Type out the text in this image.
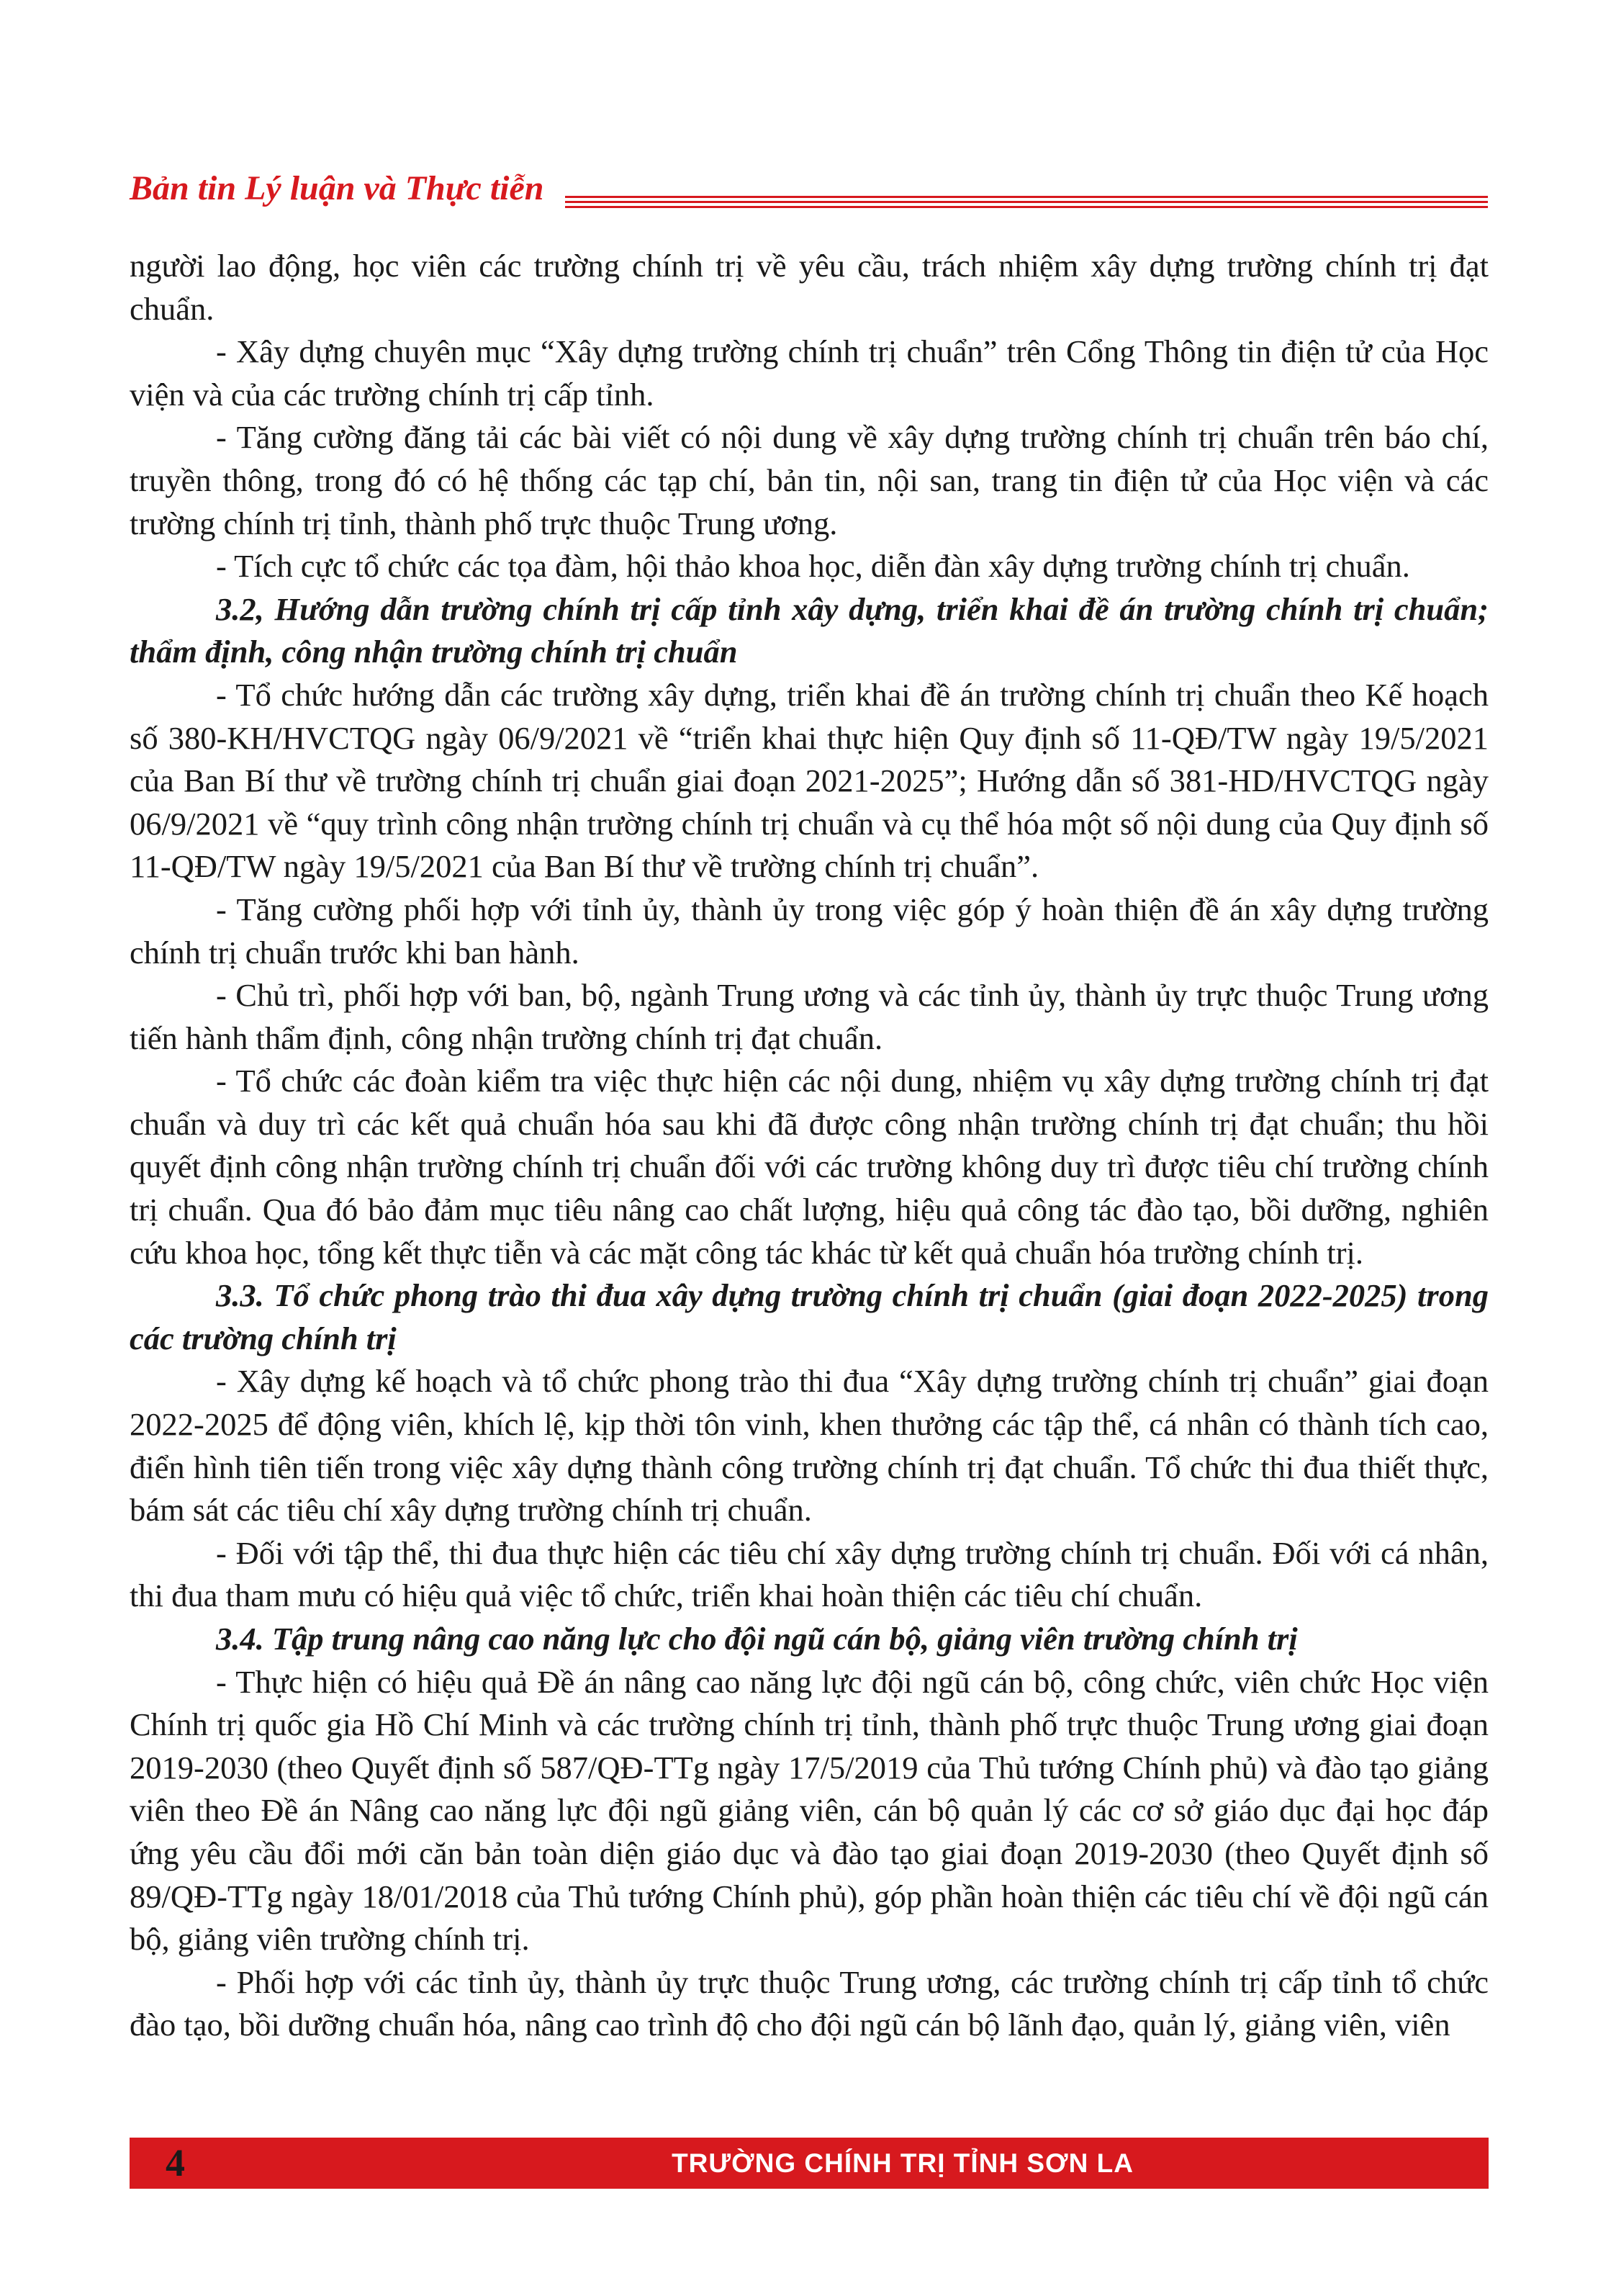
Bản tin Lý luận và Thực tiễn

người lao động, học viên các trường chính trị về yêu cầu, trách nhiệm xây dựng trường chính trị đạt chuẩn.

- Xây dựng chuyên mục “Xây dựng trường chính trị chuẩn” trên Cổng Thông tin điện tử của Học viện và của các trường chính trị cấp tỉnh.

- Tăng cường đăng tải các bài viết có nội dung về xây dựng trường chính trị chuẩn trên báo chí, truyền thông, trong đó có hệ thống các tạp chí, bản tin, nội san, trang tin điện tử của Học viện và các trường chính trị tỉnh, thành phố trực thuộc Trung ương.

- Tích cực tổ chức các tọa đàm, hội thảo khoa học, diễn đàn xây dựng trường chính trị chuẩn.

3.2, Hướng dẫn trường chính trị cấp tỉnh xây dựng, triển khai đề án trường chính trị chuẩn; thẩm định, công nhận trường chính trị chuẩn

- Tổ chức hướng dẫn các trường xây dựng, triển khai đề án trường chính trị chuẩn theo Kế hoạch số 380-KH/HVCTQG ngày 06/9/2021 về “triển khai thực hiện Quy định số 11-QĐ/TW ngày 19/5/2021 của Ban Bí thư về trường chính trị chuẩn giai đoạn 2021-2025”; Hướng dẫn số 381-HD/HVCTQG ngày 06/9/2021 về “quy trình công nhận trường chính trị chuẩn và cụ thể hóa một số nội dung của Quy định số 11-QĐ/TW ngày 19/5/2021 của Ban Bí thư về trường chính trị chuẩn”.

- Tăng cường phối hợp với tỉnh ủy, thành ủy trong việc góp ý hoàn thiện đề án xây dựng trường chính trị chuẩn trước khi ban hành.

- Chủ trì, phối hợp với ban, bộ, ngành Trung ương và các tỉnh ủy, thành ủy trực thuộc Trung ương tiến hành thẩm định, công nhận trường chính trị đạt chuẩn.

- Tổ chức các đoàn kiểm tra việc thực hiện các nội dung, nhiệm vụ xây dựng trường chính trị đạt chuẩn và duy trì các kết quả chuẩn hóa sau khi đã được công nhận trường chính trị đạt chuẩn; thu hồi quyết định công nhận trường chính trị chuẩn đối với các trường không duy trì được tiêu chí trường chính trị chuẩn. Qua đó bảo đảm mục tiêu nâng cao chất lượng, hiệu quả công tác đào tạo, bồi dưỡng, nghiên cứu khoa học, tổng kết thực tiễn và các mặt công tác khác từ kết quả chuẩn hóa trường chính trị.

3.3. Tổ chức phong trào thi đua xây dựng trường chính trị chuẩn (giai đoạn 2022-2025) trong các trường chính trị

- Xây dựng kế hoạch và tổ chức phong trào thi đua “Xây dựng trường chính trị chuẩn” giai đoạn 2022-2025 để động viên, khích lệ, kịp thời tôn vinh, khen thưởng các tập thể, cá nhân có thành tích cao, điển hình tiên tiến trong việc xây dựng thành công trường chính trị đạt chuẩn. Tổ chức thi đua thiết thực, bám sát các tiêu chí xây dựng trường chính trị chuẩn.

- Đối với tập thể, thi đua thực hiện các tiêu chí xây dựng trường chính trị chuẩn. Đối với cá nhân, thi đua tham mưu có hiệu quả việc tổ chức, triển khai hoàn thiện các tiêu chí chuẩn.

3.4. Tập trung nâng cao năng lực cho đội ngũ cán bộ, giảng viên trường chính trị

- Thực hiện có hiệu quả Đề án nâng cao năng lực đội ngũ cán bộ, công chức, viên chức Học viện Chính trị quốc gia Hồ Chí Minh và các trường chính trị tỉnh, thành phố trực thuộc Trung ương giai đoạn 2019-2030 (theo Quyết định số 587/QĐ-TTg ngày 17/5/2019 của Thủ tướng Chính phủ) và đào tạo giảng viên theo Đề án Nâng cao năng lực đội ngũ giảng viên, cán bộ quản lý các cơ sở giáo dục đại học đáp ứng yêu cầu đổi mới căn bản toàn diện giáo dục và đào tạo giai đoạn 2019-2030 (theo Quyết định số 89/QĐ-TTg ngày 18/01/2018 của Thủ tướng Chính phủ), góp phần hoàn thiện các tiêu chí về đội ngũ cán bộ, giảng viên trường chính trị.

- Phối hợp với các tỉnh ủy, thành ủy trực thuộc Trung ương, các trường chính trị cấp tỉnh tổ chức đào tạo, bồi dưỡng chuẩn hóa, nâng cao trình độ cho đội ngũ cán bộ lãnh đạo, quản lý, giảng viên, viên

4	TRƯỜNG CHÍNH TRỊ TỈNH SƠN LA
